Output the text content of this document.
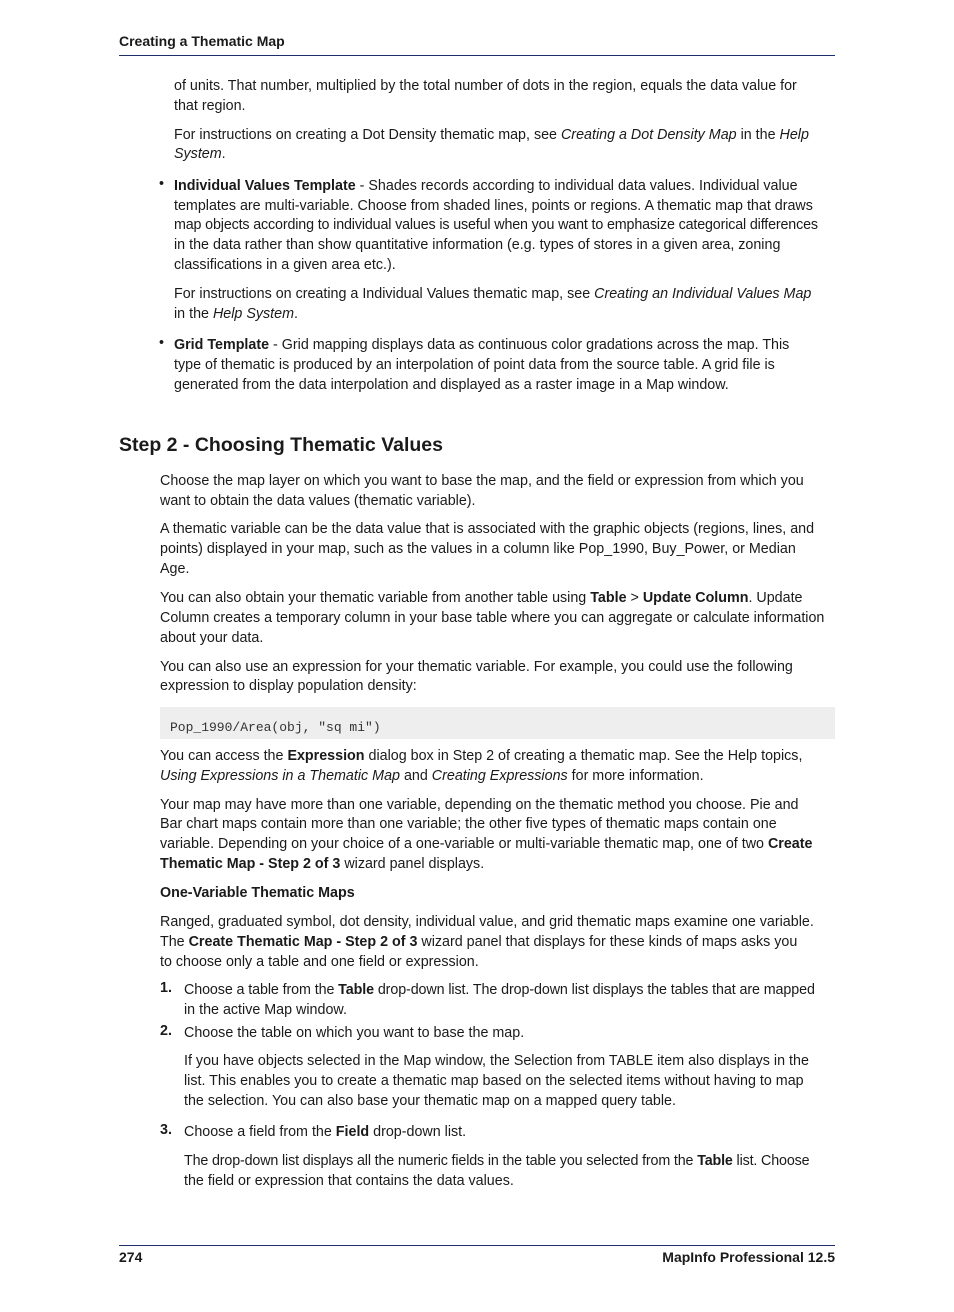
Creating a Thematic Map

of units. That number, multiplied by the total number of dots in the region, equals the data value for

that region.

For instructions on creating a Dot Density thematic map, see Creating a Dot Density Map in the Help

System.

• Individual Values Template - Shades records according to individual data values. Individual value

templates are multi-variable. Choose from shaded lines, points or regions. A thematic map that draws

map objects according to individual values is useful when you want to emphasize categorical differences

in the data rather than show quantitative information (e.g. types of stores in a given area, zoning

classifications in a given area etc.).

For instructions on creating a Individual Values thematic map, see Creating an Individual Values Map

in the Help System.

• Grid Template - Grid mapping displays data as continuous color gradations across the map. This

type of thematic is produced by an interpolation of point data from the source table. A grid file is

generated from the data interpolation and displayed as a raster image in a Map window.

Step 2 - Choosing Thematic Values

Choose the map layer on which you want to base the map, and the field or expression from which you

want to obtain the data values (thematic variable).

A thematic variable can be the data value that is associated with the graphic objects (regions, lines, and

points) displayed in your map, such as the values in a column like Pop_1990, Buy_Power, or Median

Age.

You can also obtain your thematic variable from another table using Table > Update Column. Update

Column creates a temporary column in your base table where you can aggregate or calculate information

about your data.

You can also use an expression for your thematic variable. For example, you could use the following

expression to display population density:

Pop_1990/Area(obj, "sq mi")

You can access the Expression dialog box in Step 2 of creating a thematic map. See the Help topics,

Using Expressions in a Thematic Map and Creating Expressions for more information.

Your map may have more than one variable, depending on the thematic method you choose. Pie and

Bar chart maps contain more than one variable; the other five types of thematic maps contain one

variable. Depending on your choice of a one-variable or multi-variable thematic map, one of two Create

Thematic Map - Step 2 of 3 wizard panel displays.

One-Variable Thematic Maps

Ranged, graduated symbol, dot density, individual value, and grid thematic maps examine one variable.

The Create Thematic Map - Step 2 of 3 wizard panel that displays for these kinds of maps asks you

to choose only a table and one field or expression.

1. Choose a table from the Table drop-down list. The drop-down list displays the tables that are mapped

in the active Map window.

2. Choose the table on which you want to base the map.

If you have objects selected in the Map window, the Selection from TABLE item also displays in the

list. This enables you to create a thematic map based on the selected items without having to map

the selection. You can also base your thematic map on a mapped query table.

3. Choose a field from the Field drop-down list.

The drop-down list displays all the numeric fields in the table you selected from the Table list. Choose

the field or expression that contains the data values.

274	MapInfo Professional 12.5
